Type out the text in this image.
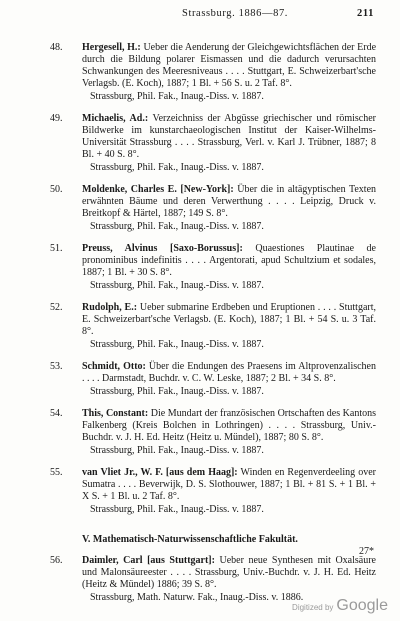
Strassburg. 1886—87.	211
48.	Hergesell, H.: Ueber die Aenderung der Gleichgewichtsflächen der Erde durch die Bildung polarer Eismassen und die dadurch verursachten Schwankungen des Meeresniveaus . . . . Stuttgart, E. Schweizerbart'sche Verlagsb. (E. Koch), 1887; 1 Bl. + 56 S. u. 2 Taf. 8°.
Strassburg, Phil. Fak., Inaug.-Diss. v. 1887.
49.	Michaelis, Ad.: Verzeichniss der Abgüsse griechischer und römischer Bildwerke im kunstarchaeologischen Institut der Kaiser-Wilhelms-Universität Strassburg . . . . Strassburg, Verl. v. Karl J. Trübner, 1887; 8 Bl. + 40 S. 8°.
Strassburg, Phil. Fak., Inaug.-Diss. v. 1887.
50.	Moldenke, Charles E. [New-York]: Über die in altägyptischen Texten erwähnten Bäume und deren Verwerthung . . . . Leipzig, Druck v. Breitkopf & Härtel, 1887; 149 S. 8°.
Strassburg, Phil. Fak., Inaug.-Diss. v. 1887.
51.	Preuss, Alvinus [Saxo-Borussus]: Quaestiones Plautinae de pronominibus indefinitis . . . . Argentorati, apud Schultzium et sodales, 1887; 1 Bl. + 30 S. 8°.
Strassburg, Phil. Fak., Inaug.-Diss. v. 1887.
52.	Rudolph, E.: Ueber submarine Erdbeben und Eruptionen . . . . Stuttgart, E. Schweizerbart'sche Verlagsb. (E. Koch), 1887; 1 Bl. + 54 S. u. 3 Taf. 8°.
Strassburg, Phil. Fak., Inaug.-Diss. v. 1887.
53.	Schmidt, Otto: Über die Endungen des Praesens im Altprovenzalischen . . . . Darmstadt, Buchdr. v. C. W. Leske, 1887; 2 Bl. + 34 S. 8°.
Strassburg, Phil. Fak., Inaug.-Diss. v. 1887.
54.	This, Constant: Die Mundart der französischen Ortschaften des Kantons Falkenberg (Kreis Bolchen in Lothringen) . . . . Strassburg, Univ.-Buchdr. v. J. H. Ed. Heitz (Heitz u. Mündel), 1887; 80 S. 8°.
Strassburg, Phil. Fak., Inaug.-Diss. v. 1887.
55.	van Vliet Jr., W. F. [aus dem Haag]: Winden en Regenverdeeling over Sumatra . . . . Beverwijk, D. S. Slothouwer, 1887; 1 Bl. + 81 S. + 1 Bl. + X S. + 1 Bl. u. 2 Taf. 8°.
Strassburg, Phil. Fak., Inaug.-Diss. v. 1887.
V. Mathematisch-Naturwissenschaftliche Fakultät.
56.	Daimler, Carl [aus Stuttgart]: Ueber neue Synthesen mit Oxalsäure und Malonsäureester . . . . Strassburg, Univ.-Buchdr. v. J. H. Ed. Heitz (Heitz & Mündel) 1886; 39 S. 8°.
Strassburg, Math. Naturw. Fak., Inaug.-Diss. v. 1886.
27*
Digitized by Google
